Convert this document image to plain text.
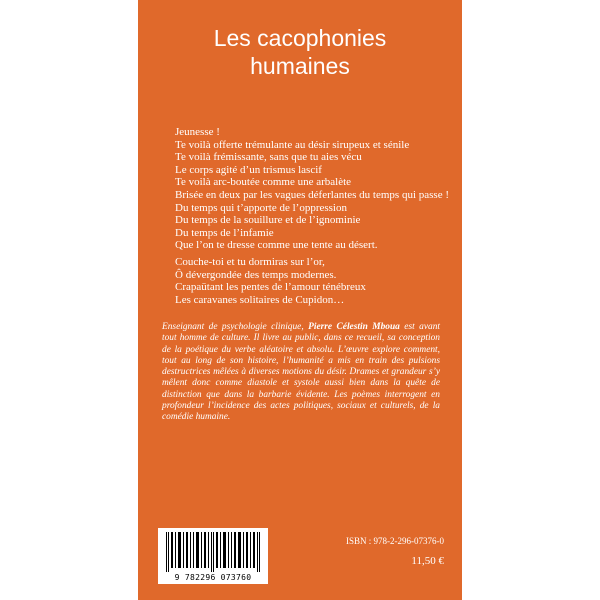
Les cacophonies
humaines
Jeunesse !
Te voilà offerte trémulante au désir sirupeux et sénile
Te voilà frémissante, sans que tu aies vécu
Le corps agité d’un trismus lascif
Te voilà arc-boutée comme une arbalète
Brisée en deux par les vagues déferlantes du temps qui passe !
Du temps qui t’apporte de l’oppression
Du temps de la souillure et de l’ignominie
Du temps de l’infamie
Que l’on te dresse comme une tente au désert.
Couche-toi et tu dormiras sur l’or,
Ô dévergondée des temps modernes.
Crapaütant les pentes de l’amour ténébreux
Les caravanes solitaires de Cupidon…
Enseignant de psychologie clinique, Pierre Célestin Mboua est avant tout homme de culture. Il livre au public, dans ce recueil, sa conception de la poétique du verbe aléatoire et absolu. L’œuvre explore comment, tout au long de son histoire, l’humanité a mis en train des pulsions destructrices mêlées à diverses motions du désir. Drames et grandeur s’y mêlent donc comme diastole et systole aussi bien dans la quête de distinction que dans la barbarie évidente. Les poèmes interrogent en profondeur l’incidence des actes politiques, sociaux et culturels, de la comédie humaine.
9 782296 073760
ISBN : 978-2-296-07376-0
11,50 €
